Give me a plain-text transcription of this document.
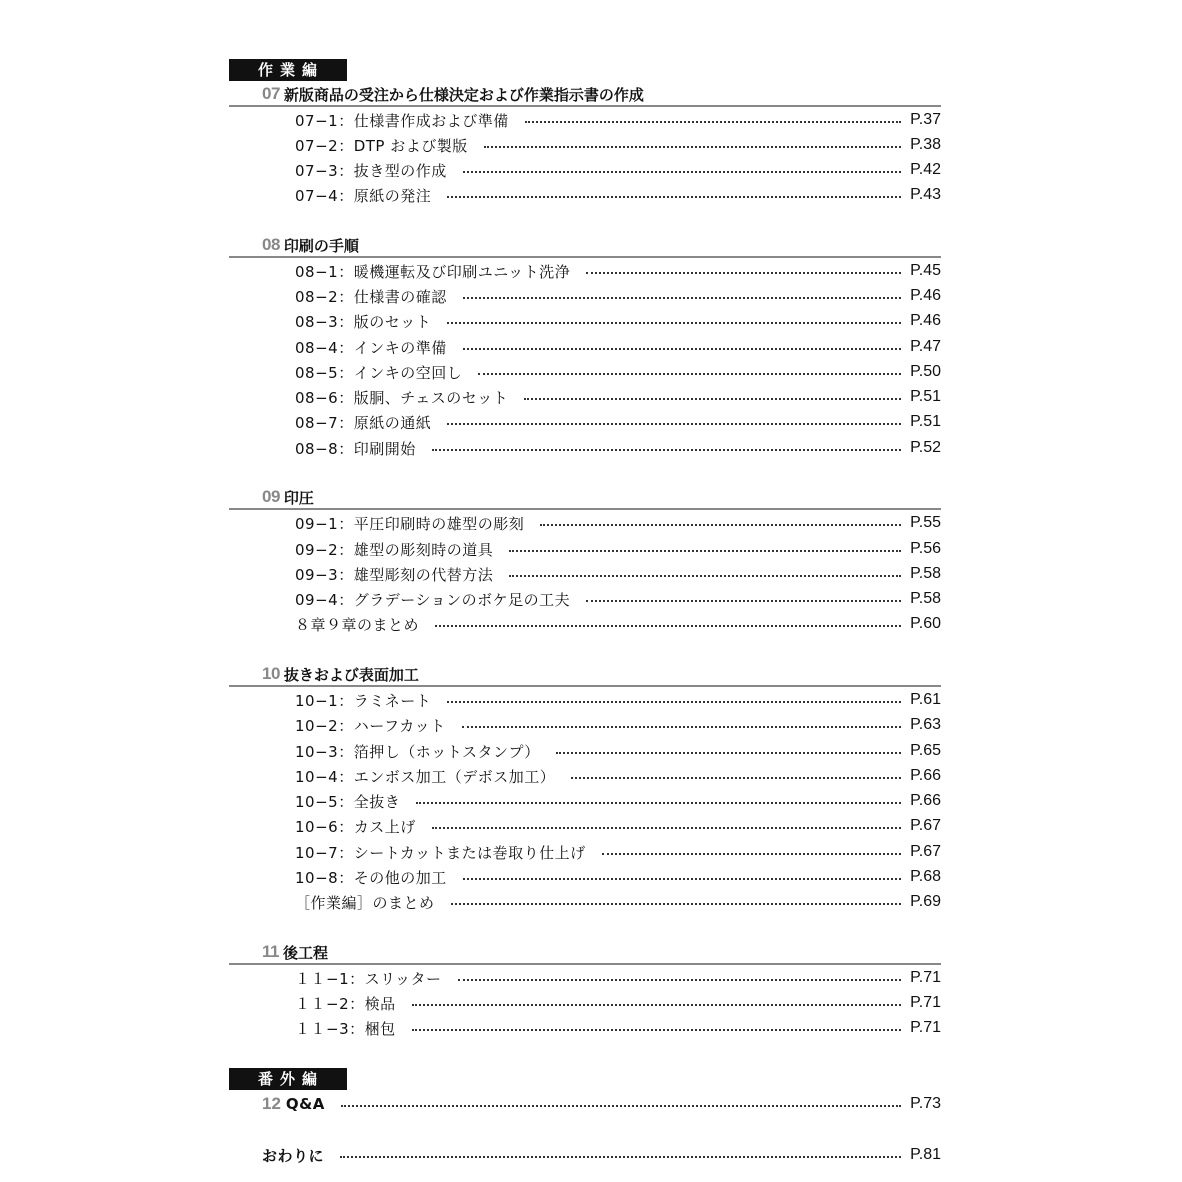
作業編
07 新版商品の受注から仕様決定および作業指示書の作成
07−1：仕様書作成および準備	P.37
07−2：DTP および製版	P.38
07−3：抜き型の作成	P.42
07−4：原紙の発注	P.43
08 印刷の手順
08−1：暖機運転及び印刷ユニット洗浄	P.45
08−2：仕様書の確認	P.46
08−3：版のセット	P.46
08−4：インキの準備	P.47
08−5：インキの空回し	P.50
08−6：版胴、チェスのセット	P.51
08−7：原紙の通紙	P.51
08−8：印刷開始	P.52
09 印圧
09−1：平圧印刷時の雄型の彫刻	P.55
09−2：雄型の彫刻時の道具	P.56
09−3：雄型彫刻の代替方法	P.58
09−4：グラデーションのボケ足の工夫	P.58
８章９章のまとめ	P.60
10 抜きおよび表面加工
10−1：ラミネート	P.61
10−2：ハーフカット	P.63
10−3：箔押し（ホットスタンプ）	P.65
10−4：エンボス加工（デボス加工）	P.66
10−5：全抜き	P.66
10−6：カス上げ	P.67
10−7：シートカットまたは巻取り仕上げ	P.67
10−8：その他の加工	P.68
［作業編］のまとめ	P.69
11 後工程
１１−1：スリッター	P.71
１１−2：検品	P.71
１１−3：梱包	P.71
番外編
12 Q&A	P.73
おわりに	P.81
